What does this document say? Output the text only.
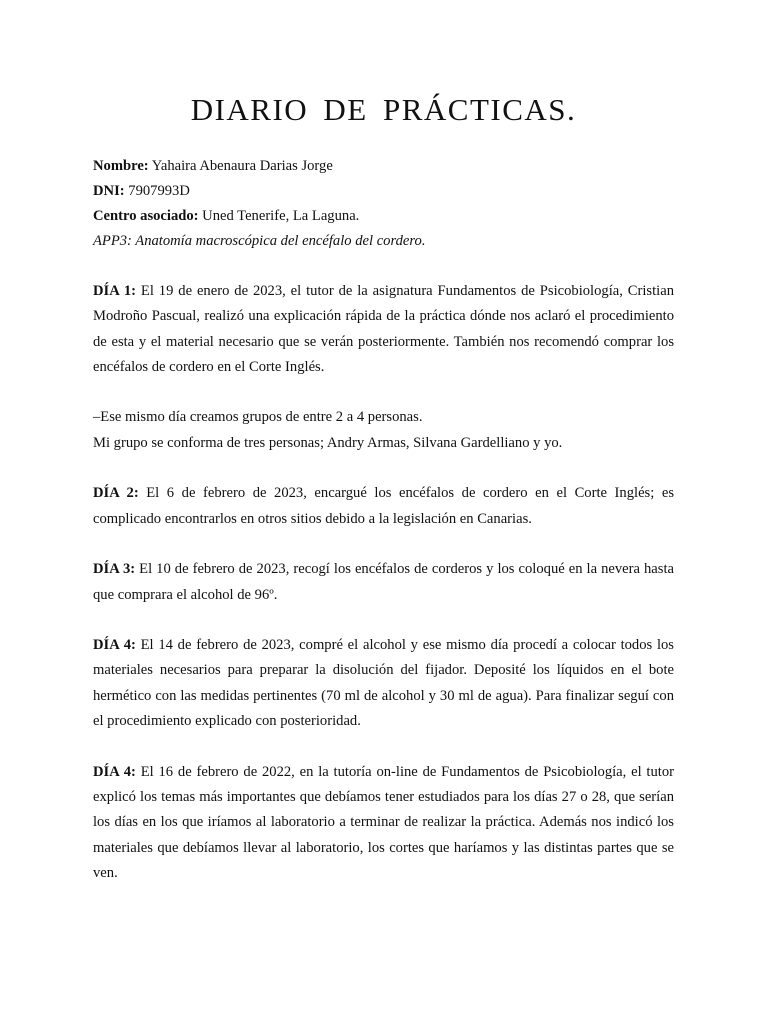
DIARIO DE PRÁCTICAS.
Nombre: Yahaira Abenaura Darias Jorge
DNI: 7907993D
Centro asociado: Uned Tenerife, La Laguna.
APP3: Anatomía macroscópica del encéfalo del cordero.

DÍA 1: El 19 de enero de 2023, el tutor de la asignatura Fundamentos de Psicobiología, Cristian Modroño Pascual, realizó una explicación rápida de la práctica dónde nos aclaró el procedimiento de esta y el material necesario que se verán posteriormente. También nos recomendó comprar los encéfalos de cordero en el Corte Inglés.

–Ese mismo día creamos grupos de entre 2 a 4 personas.
Mi grupo se conforma de tres personas; Andry Armas, Silvana Gardelliano y yo.

DÍA 2: El 6 de febrero de 2023, encargué los encéfalos de cordero en el Corte Inglés; es complicado encontrarlos en otros sitios debido a la legislación en Canarias.

DÍA 3: El 10 de febrero de 2023, recogí los encéfalos de corderos y los coloqué en la nevera hasta que comprara el alcohol de 96º.

DÍA 4: El 14 de febrero de 2023, compré el alcohol y ese mismo día procedí a colocar todos los materiales necesarios para preparar la disolución del fijador. Deposité los líquidos en el bote hermético con las medidas pertinentes (70 ml de alcohol y 30 ml de agua). Para finalizar seguí con el procedimiento explicado con posterioridad.

DÍA 4: El 16 de febrero de 2022, en la tutoría on-line de Fundamentos de Psicobiología, el tutor explicó los temas más importantes que debíamos tener estudiados para los días 27 o 28, que serían los días en los que iríamos al laboratorio a terminar de realizar la práctica. Además nos indicó los materiales que debíamos llevar al laboratorio, los cortes que haríamos y las distintas partes que se ven.
